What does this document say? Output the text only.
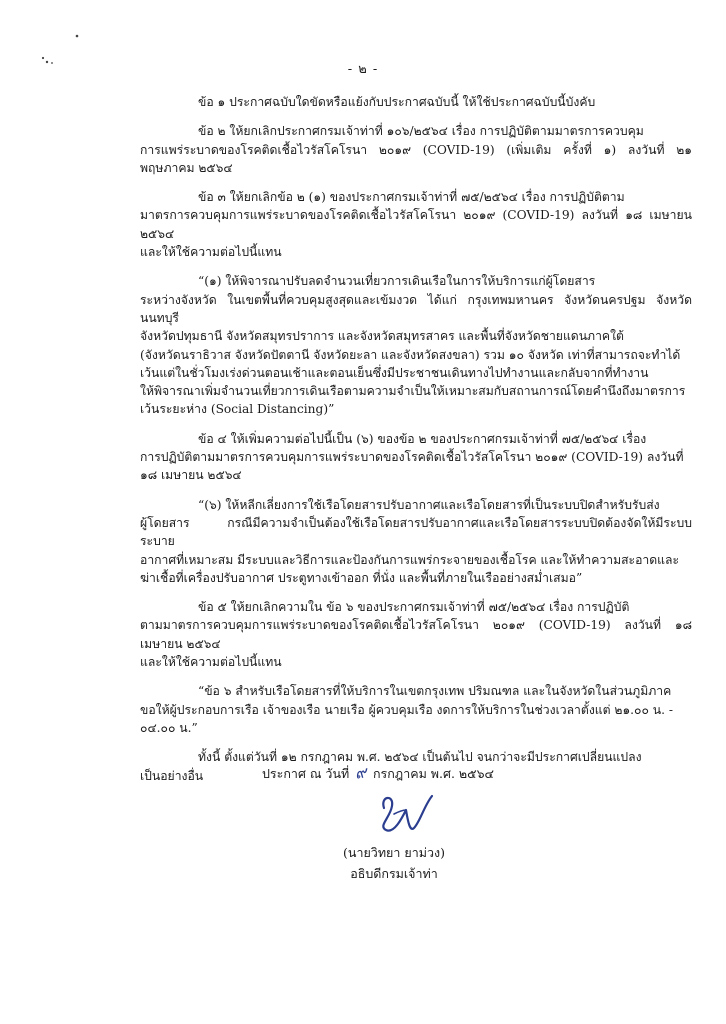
- ๒ -

ข้อ ๑ ประกาศฉบับใดขัดหรือแย้งกับประกาศฉบับนี้ ให้ใช้ประกาศฉบับนี้บังคับ

ข้อ ๒ ให้ยกเลิกประกาศกรมเจ้าท่าที่ ๑๐๖/๒๕๖๔ เรื่อง การปฏิบัติตามมาตรการควบคุม
การแพร่ระบาดของโรคติดเชื้อไวรัสโคโรนา ๒๐๑๙ (COVID-19) (เพิ่มเติม ครั้งที่ ๑) ลงวันที่ ๒๑ พฤษภาคม ๒๕๖๔

ข้อ ๓ ให้ยกเลิกข้อ ๒ (๑) ของประกาศกรมเจ้าท่าที่ ๗๕/๒๕๖๔ เรื่อง การปฏิบัติตาม
มาตรการควบคุมการแพร่ระบาดของโรคติดเชื้อไวรัสโคโรนา ๒๐๑๙ (COVID-19) ลงวันที่ ๑๘ เมษายน ๒๕๖๔
และให้ใช้ความต่อไปนี้แทน

“(๑) ให้พิจารณาปรับลดจำนวนเที่ยวการเดินเรือในการให้บริการแก่ผู้โดยสาร
ระหว่างจังหวัด ในเขตพื้นที่ควบคุมสูงสุดและเข้มงวด ได้แก่ กรุงเทพมหานคร จังหวัดนครปฐม จังหวัดนนทบุรี
จังหวัดปทุมธานี จังหวัดสมุทรปราการ และจังหวัดสมุทรสาคร และพื้นที่จังหวัดชายแดนภาคใต้
(จังหวัดนราธิวาส จังหวัดปัตตานี จังหวัดยะลา และจังหวัดสงขลา) รวม ๑๐ จังหวัด เท่าที่สามารถจะทำได้
เว้นแต่ในชั่วโมงเร่งด่วนตอนเช้าและตอนเย็นซึ่งมีประชาชนเดินทางไปทำงานและกลับจากที่ทำงาน
ให้พิจารณาเพิ่มจำนวนเที่ยวการเดินเรือตามความจำเป็นให้เหมาะสมกับสถานการณ์โดยคำนึงถึงมาตรการ
เว้นระยะห่าง (Social Distancing)”

ข้อ ๔ ให้เพิ่มความต่อไปนี้เป็น (๖) ของข้อ ๒ ของประกาศกรมเจ้าท่าที่ ๗๕/๒๕๖๔ เรื่อง
การปฏิบัติตามมาตรการควบคุมการแพร่ระบาดของโรคติดเชื้อไวรัสโคโรนา ๒๐๑๙ (COVID-19) ลงวันที่
๑๘ เมษายน ๒๕๖๔

“(๖) ให้หลีกเลี่ยงการใช้เรือโดยสารปรับอากาศและเรือโดยสารที่เป็นระบบปิดสำหรับรับส่ง
ผู้โดยสาร กรณีมีความจำเป็นต้องใช้เรือโดยสารปรับอากาศและเรือโดยสารระบบปิดต้องจัดให้มีระบบระบาย
อากาศที่เหมาะสม มีระบบและวิธีการและป้องกันการแพร่กระจายของเชื้อโรค และให้ทำความสะอาดและ
ฆ่าเชื้อที่เครื่องปรับอากาศ ประตูทางเข้าออก ที่นั่ง และพื้นที่ภายในเรืออย่างสม่ำเสมอ”

ข้อ ๕ ให้ยกเลิกความใน ข้อ ๖ ของประกาศกรมเจ้าท่าที่ ๗๕/๒๕๖๔ เรื่อง การปฏิบัติ
ตามมาตรการควบคุมการแพร่ระบาดของโรคติดเชื้อไวรัสโคโรนา ๒๐๑๙ (COVID-19) ลงวันที่ ๑๘ เมษายน ๒๕๖๔
และให้ใช้ความต่อไปนี้แทน

“ข้อ ๖ สำหรับเรือโดยสารที่ให้บริการในเขตกรุงเทพ ปริมณฑล และในจังหวัดในส่วนภูมิภาค
ขอให้ผู้ประกอบการเรือ เจ้าของเรือ นายเรือ ผู้ควบคุมเรือ งดการให้บริการในช่วงเวลาตั้งแต่ ๒๑.๐๐ น. -
๐๔.๐๐ น.”

ทั้งนี้ ตั้งแต่วันที่ ๑๒ กรกฎาคม พ.ศ. ๒๕๖๔ เป็นต้นไป จนกว่าจะมีประกาศเปลี่ยนแปลง
เป็นอย่างอื่น	ประกาศ ณ วันที่ ๙ กรกฎาคม พ.ศ. ๒๕๖๔
(นายวิทยา ยาม่วง)
อธิบดีกรมเจ้าท่า
